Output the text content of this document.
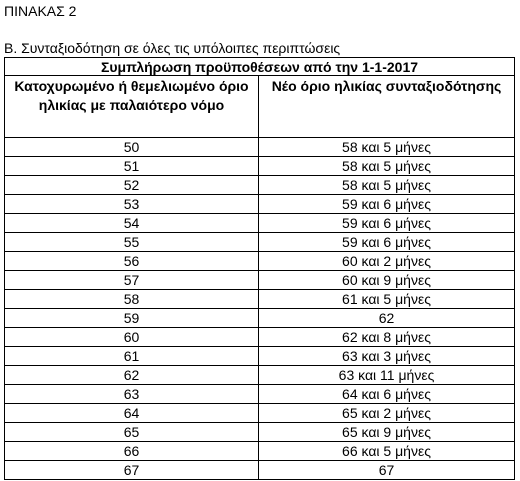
ΠΙΝΑΚΑΣ 2
Β. Συνταξιοδότηση σε όλες τις υπόλοιπες περιπτώσεις
Συμπλήρωση προϋποθέσεων από την 1-1-2017	

Κατοχυρωμένο ή θεμελιωμένο όριο ηλικίας με παλαιότερο νόμο	Νέο όριο ηλικίας συνταξιοδότησης

50	58 και 5 μήνες
51	58 και 5 μήνες
52	58 και 5 μήνες
53	59 και 6 μήνες
54	59 και 6 μήνες
55	59 και 6 μήνες
56	60 και 2 μήνες
57	60 και 9 μήνες
58	61 και 5 μήνες
59	62
60	62 και 8 μήνες
61	63 και 3 μήνες
62	63 και 11 μήνες
63	64 και 6 μήνες
64	65 και 2 μήνες
65	65 και 9 μήνες
66	66 και 5 μήνες
67	67
